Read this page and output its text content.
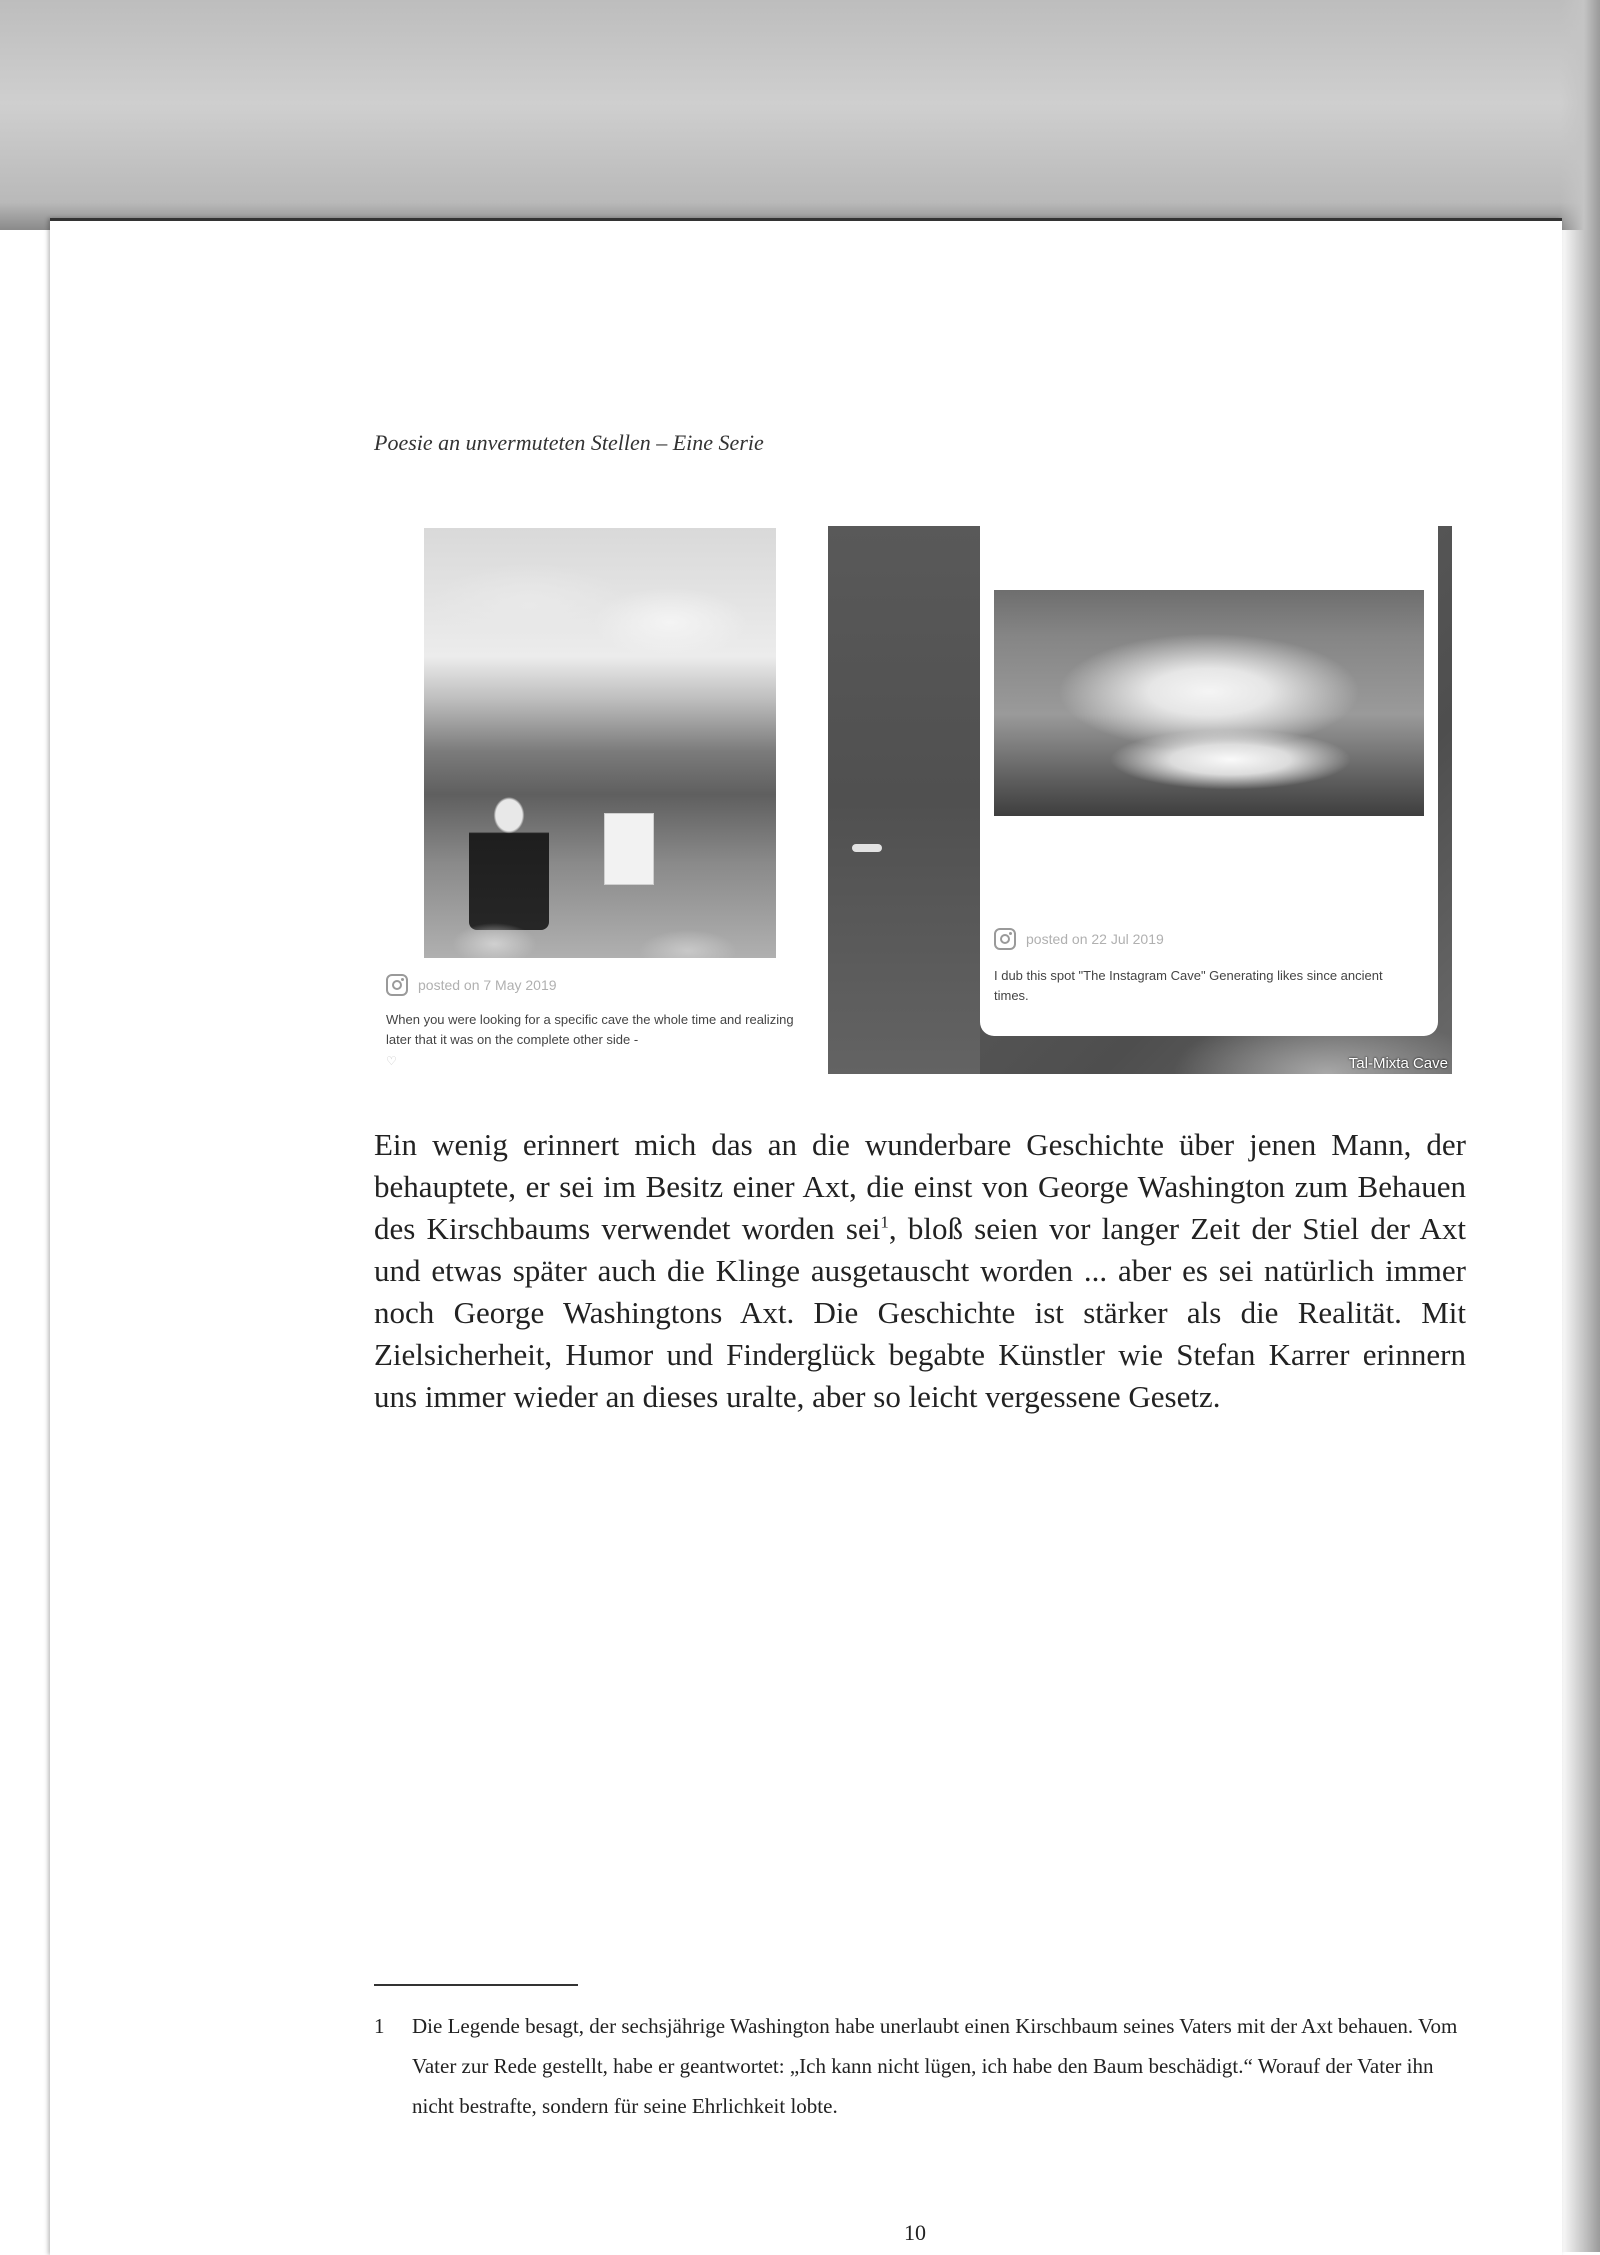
Poesie an unvermuteten Stellen – Eine Serie
posted on 7 May 2019
When you were looking for a specific cave the whole time and realizing later that it was on the complete other side -
♡
posted on 22 Jul 2019
I dub this spot "The Instagram Cave" Generating likes since ancient times.
Tal-Mixta Cave

Ein wenig erinnert mich das an die wunderbare Geschichte über jenen Mann, der behauptete, er sei im Besitz einer Axt, die einst von George Washington zum Behauen des Kirschbaums verwendet worden sei$^1$, bloß seien vor langer Zeit der Stiel der Axt und etwas später auch die Klinge ausgetauscht worden ... aber es sei natürlich immer noch George Washingtons Axt. Die Geschichte ist stärker als die Realität. Mit Zielsicherheit, Humor und Finderglück begabte Künstler wie Stefan Karrer erinnern uns immer wieder an dieses uralte, aber so leicht vergessene Gesetz.

1	Die Legende besagt, der sechsjährige Washington habe unerlaubt einen Kirschbaum seines Vaters mit der Axt behauen. Vom Vater zur Rede gestellt, habe er geantwortet: „Ich kann nicht lügen, ich habe den Baum beschädigt.“ Worauf der Vater ihn nicht bestrafte, sondern für seine Ehrlichkeit lobte.
10
